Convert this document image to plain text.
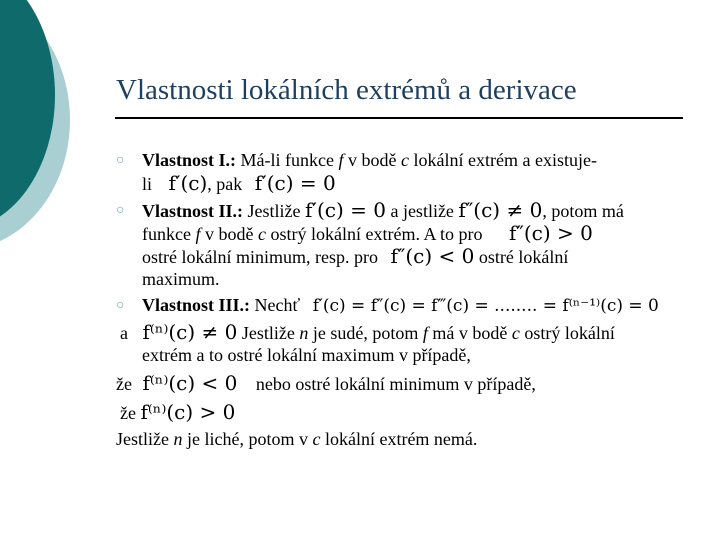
Vlastnosti lokálních extrémů a derivace
○
Vlastnost I.: Má-li funkce f v bodě c lokální extrém a existuje-
li f′(c), pak f′(c) = 0
○
Vlastnost II.: Jestliže f′(c) = 0 a jestliže f″(c) ≠ 0, potom má
funkce f v bodě c ostrý lokální extrém. A to pro f″(c) > 0
ostré lokální minimum, resp. pro f″(c) < 0 ostré lokální
maximum.
○
Vlastnost III.: Nechť f′(c) = f″(c) = f‴(c) = ........ = f⁽ⁿ⁻¹⁾(c) = 0
a f⁽ⁿ⁾(c) ≠ 0 Jestliže n je sudé, potom f má v bodě c ostrý lokální
extrém a to ostré lokální maximum v případě,
že f⁽ⁿ⁾(c) < 0 nebo ostré lokální minimum v případě,
že f⁽ⁿ⁾(c) > 0
Jestliže n je liché, potom v c lokální extrém nemá.
